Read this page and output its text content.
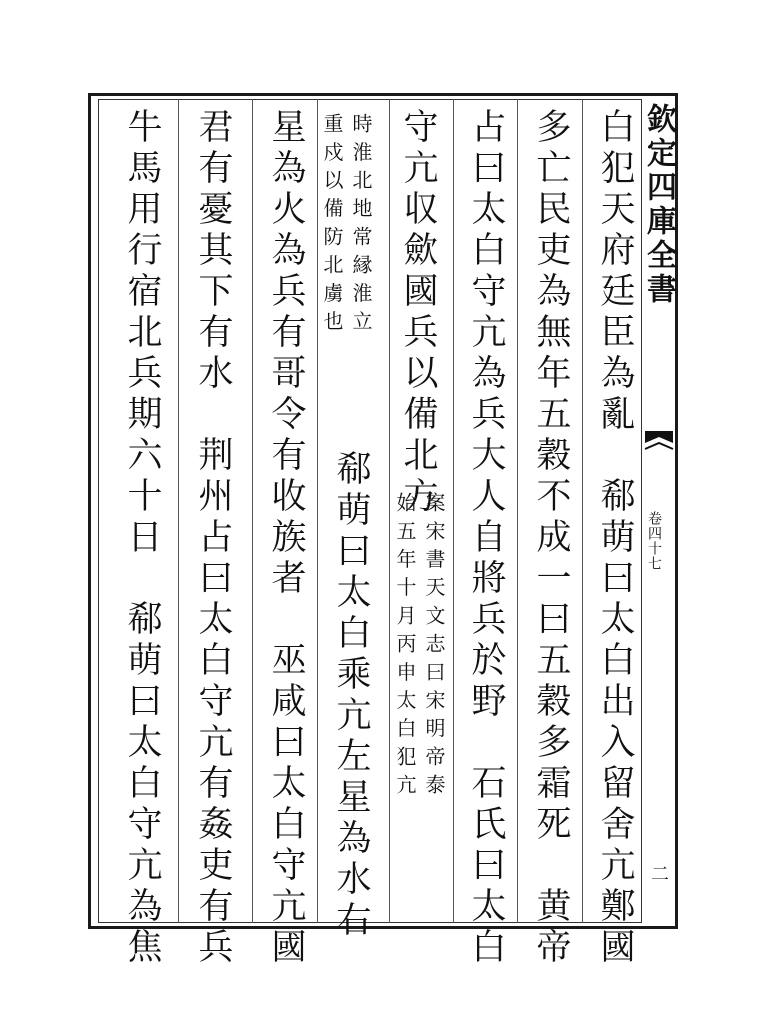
欽定四庫全書
卷四十七
二
白犯天府廷臣為亂　郗萌曰太白出入留舍亢鄭國
多亡民吏為無年五穀不成一曰五穀多霜死　黄帝
占曰太白守亢為兵大人自將兵於野　石氏曰太白
守亢収歛國兵以備北方
案宋書天文志曰宋明帝泰
始五年十月丙申太白犯亢
時淮北地常縁淮立
重戍以備防北虜也
郗萌曰太白乘亢左星為水右
星為火為兵有哥令有收族者　巫咸曰太白守亢國
君有憂其下有水　荆州占曰太白守亢有姦吏有兵
牛馬用行宿北兵期六十日　郗萌曰太白守亢為焦
